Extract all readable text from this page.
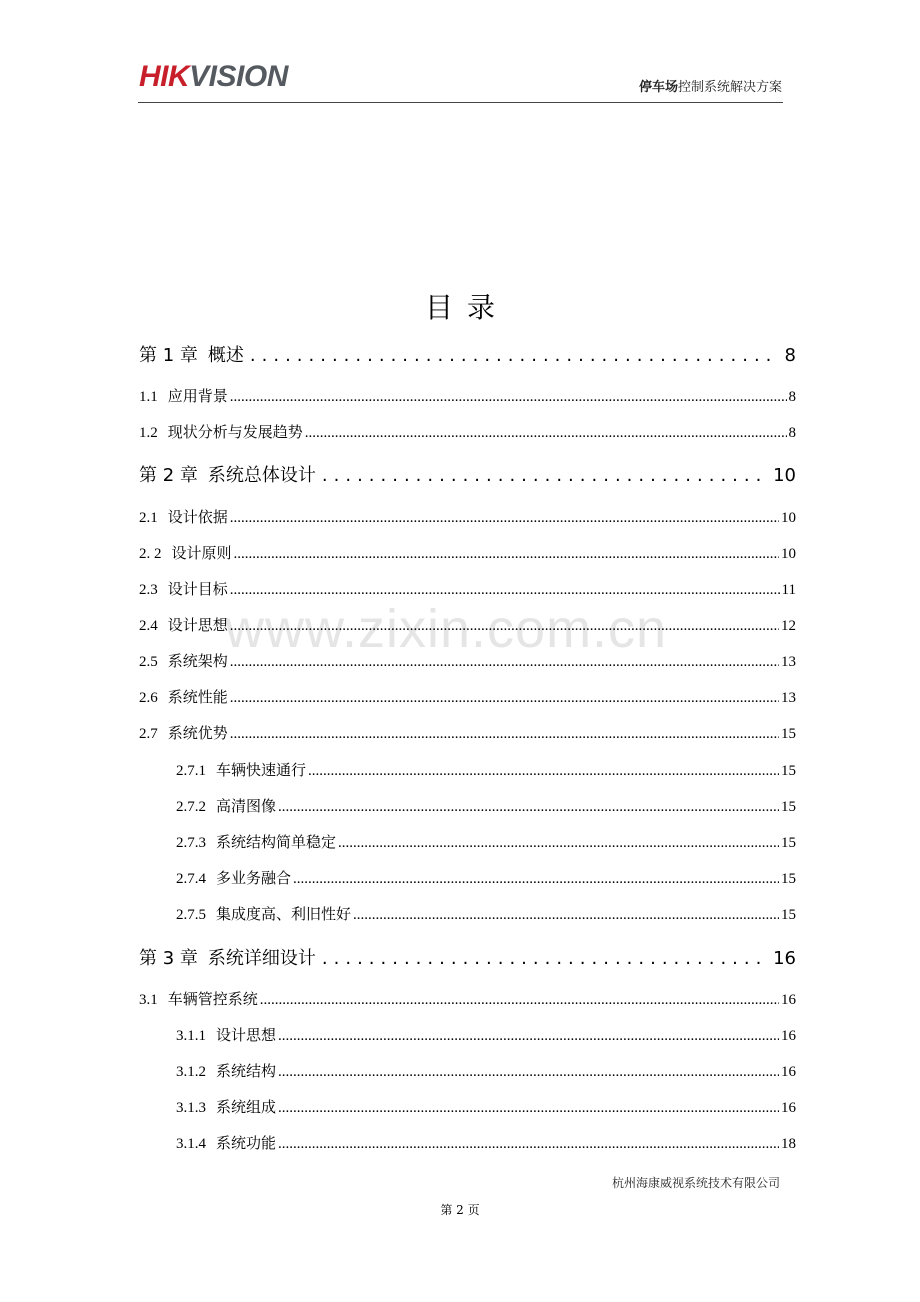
HIKVISION	停车场控制系统解决方案
目录
www.zixin.com.cn
第 1 章 概述 .....	8
1.1 应用背景 .....	8
1.2 现状分析与发展趋势 .....	8
第 2 章 系统总体设计 .....	10
2.1 设计依据 .....	10
2. 2 设计原则 .....	10
2.3 设计目标 .....	11
2.4 设计思想 .....	12
2.5 系统架构 .....	13
2.6 系统性能 .....	13
2.7 系统优势 .....	15
2.7.1 车辆快速通行 .....	15
2.7.2 高清图像 .....	15
2.7.3 系统结构简单稳定 .....	15
2.7.4 多业务融合 .....	15
2.7.5 集成度高、利旧性好 .....	15
第 3 章 系统详细设计 .....	16
3.1 车辆管控系统 .....	16
3.1.1 设计思想 .....	16
3.1.2 系统结构 .....	16
3.1.3 系统组成 .....	16
3.1.4 系统功能 .....	18
杭州海康威视系统技术有限公司
第 2 页
